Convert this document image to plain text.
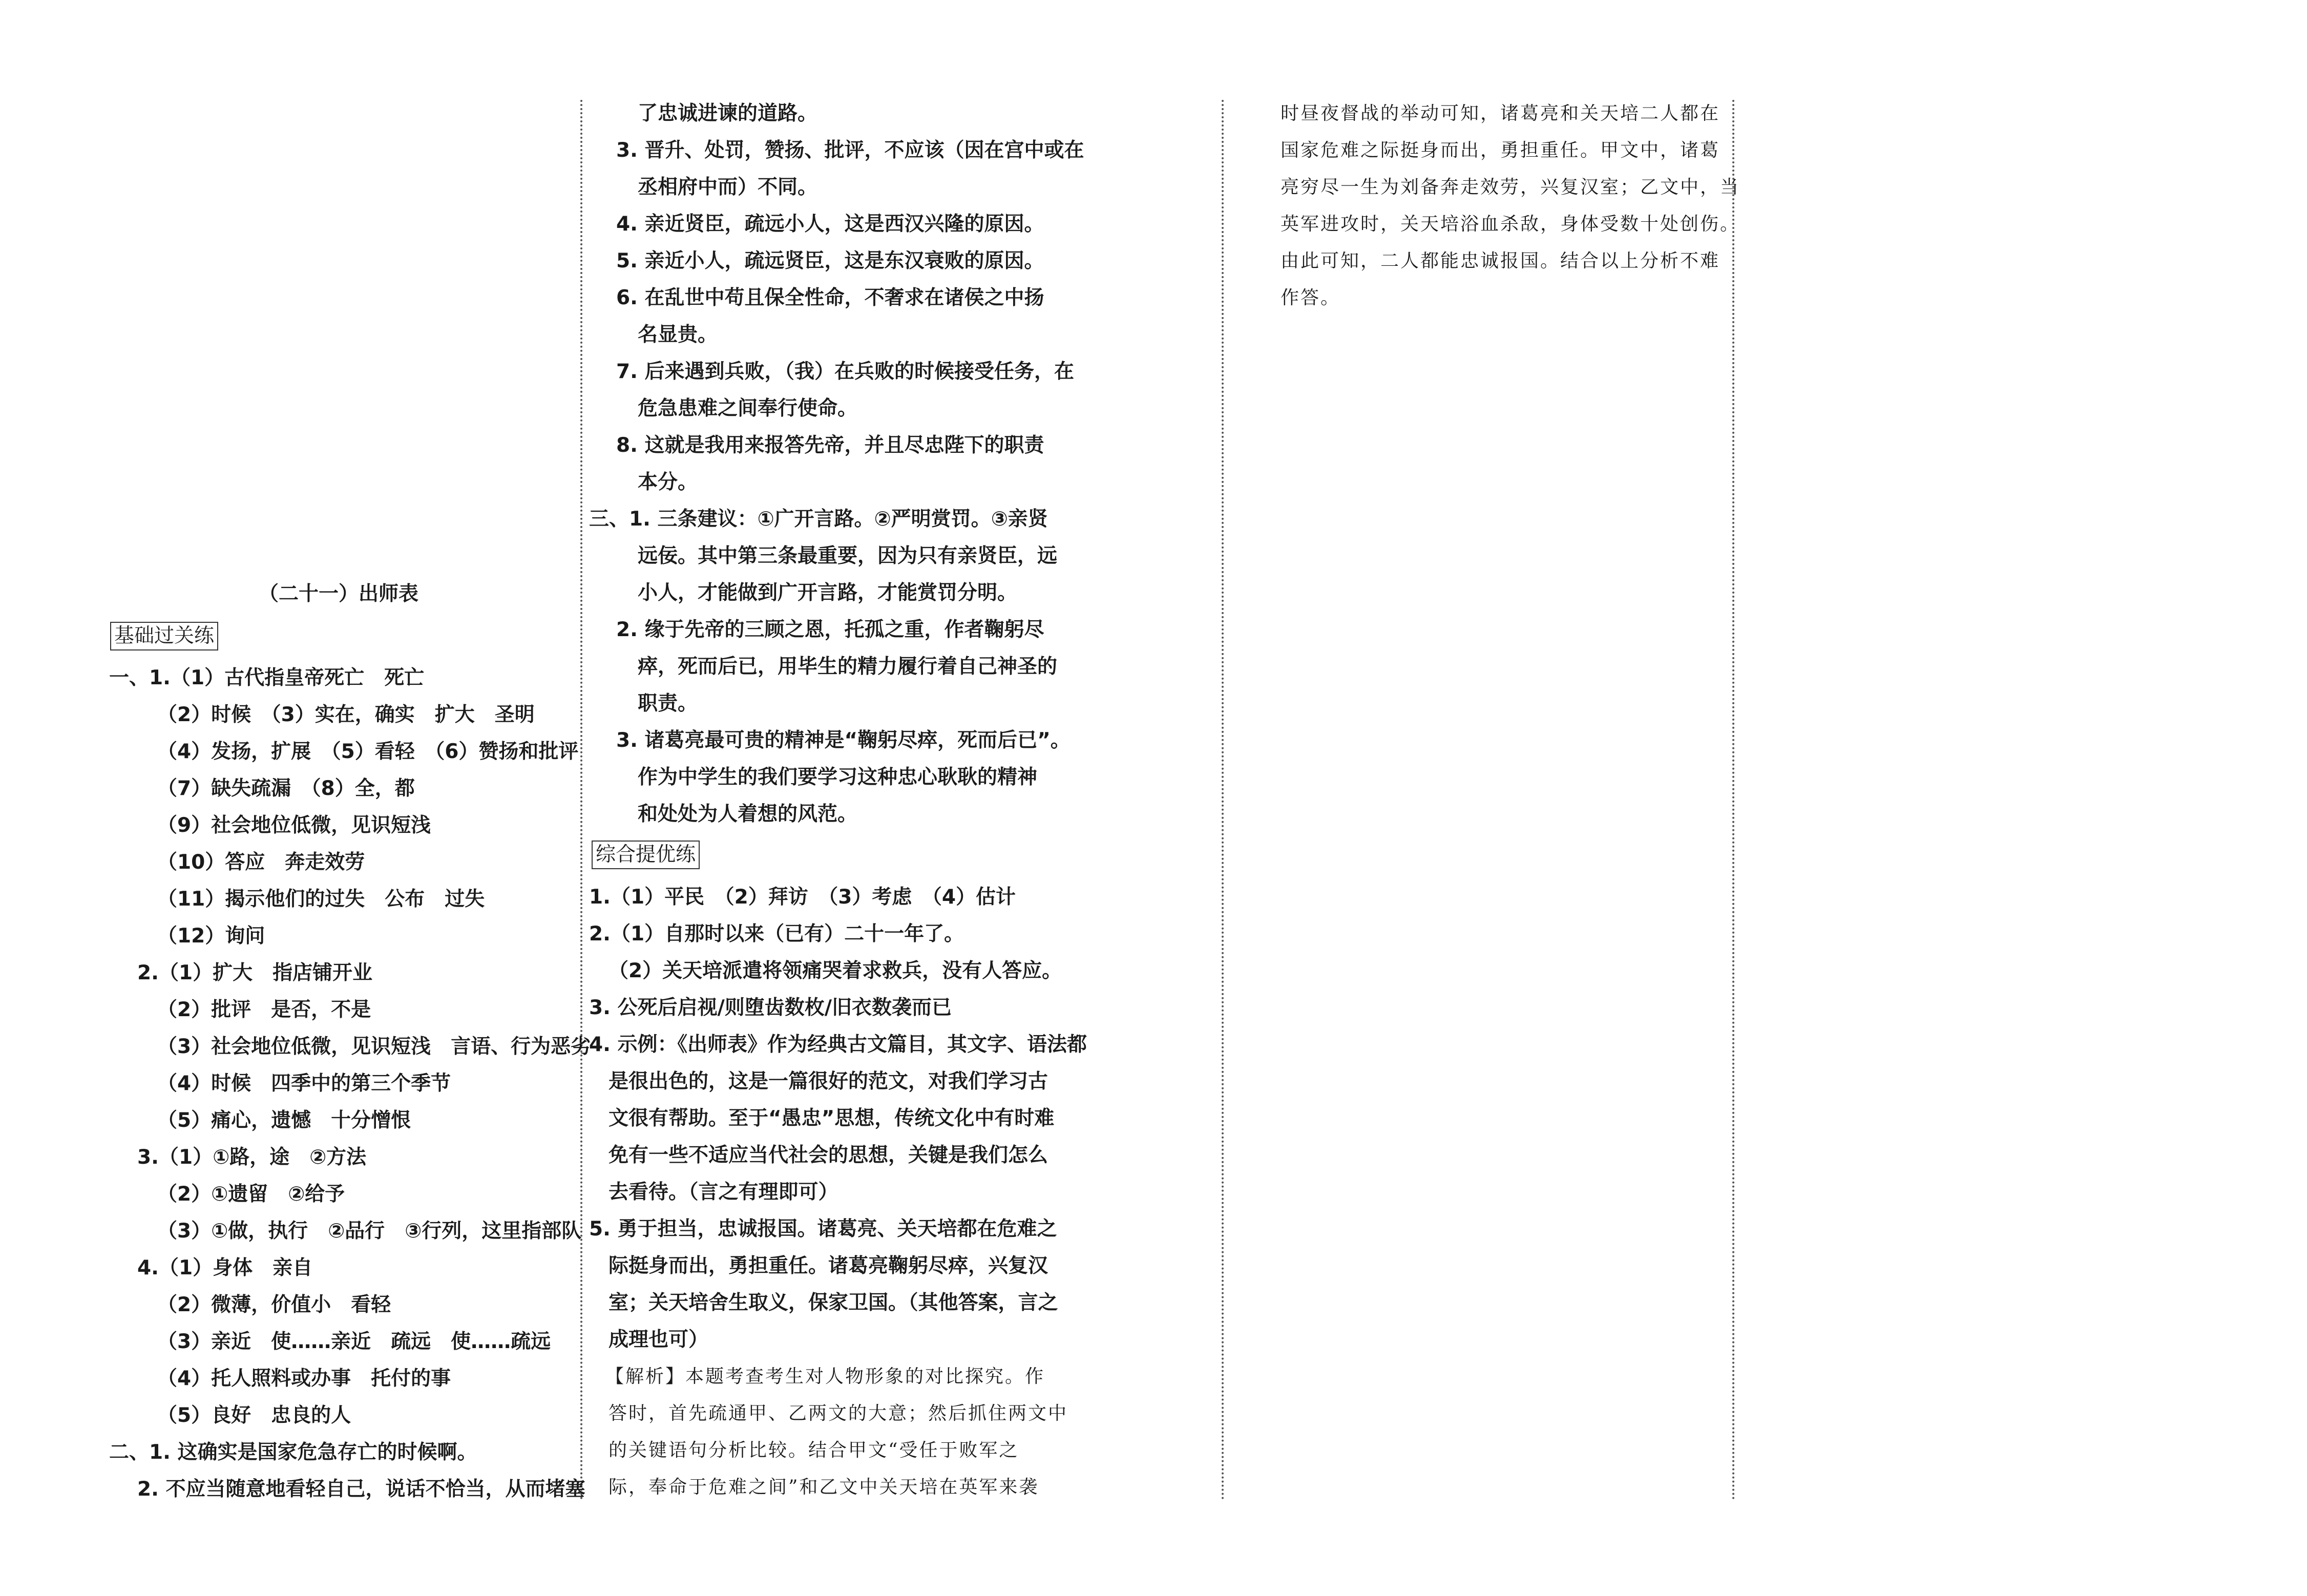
（二十一）出师表
基础过关练
一、1.（1）古代指皇帝死亡　死亡
（2）时候　（3）实在，确实　扩大　圣明
（4）发扬，扩展　（5）看轻　（6）赞扬和批评
（7）缺失疏漏　（8）全，都
（9）社会地位低微，见识短浅
（10）答应　奔走效劳
（11）揭示他们的过失　公布　过失
（12）询问
2.（1）扩大　指店铺开业
（2）批评　是否，不是
（3）社会地位低微，见识短浅　言语、行为恶劣
（4）时候　四季中的第三个季节
（5）痛心，遗憾　十分憎恨
3.（1）①路，途　②方法
（2）①遗留　②给予
（3）①做，执行　②品行　③行列，这里指部队
4.（1）身体　亲自
（2）微薄，价值小　看轻
（3）亲近　使……亲近　疏远　使……疏远
（4）托人照料或办事　托付的事
（5）良好　忠良的人
二、1. 这确实是国家危急存亡的时候啊。
2. 不应当随意地看轻自己，说话不恰当，从而堵塞
了忠诚进谏的道路。
3. 晋升、处罚，赞扬、批评，不应该（因在宫中或在
丞相府中而）不同。
4. 亲近贤臣，疏远小人，这是西汉兴隆的原因。
5. 亲近小人，疏远贤臣，这是东汉衰败的原因。
6. 在乱世中苟且保全性命，不奢求在诸侯之中扬
名显贵。
7. 后来遇到兵败，（我）在兵败的时候接受任务，在
危急患难之间奉行使命。
8. 这就是我用来报答先帝，并且尽忠陛下的职责
本分。
三、1. 三条建议：①广开言路。②严明赏罚。③亲贤
远佞。其中第三条最重要，因为只有亲贤臣，远
小人，才能做到广开言路，才能赏罚分明。
2. 缘于先帝的三顾之恩，托孤之重，作者鞠躬尽
瘁，死而后已，用毕生的精力履行着自己神圣的
职责。
3. 诸葛亮最可贵的精神是“鞠躬尽瘁，死而后已”。
作为中学生的我们要学习这种忠心耿耿的精神
和处处为人着想的风范。
综合提优练
1.（1）平民　（2）拜访　（3）考虑　（4）估计
2.（1）自那时以来（已有）二十一年了。
（2）关天培派遣将领痛哭着求救兵，没有人答应。
3. 公死后启视/则堕齿数枚/旧衣数袭而已
4. 示例：《出师表》作为经典古文篇目，其文字、语法都
是很出色的，这是一篇很好的范文，对我们学习古
文很有帮助。至于“愚忠”思想，传统文化中有时难
免有一些不适应当代社会的思想，关键是我们怎么
去看待。（言之有理即可）
5. 勇于担当，忠诚报国。诸葛亮、关天培都在危难之
际挺身而出，勇担重任。诸葛亮鞠躬尽瘁，兴复汉
室；关天培舍生取义，保家卫国。（其他答案，言之
成理也可）
【解析】本题考查考生对人物形象的对比探究。作
答时，首先疏通甲、乙两文的大意；然后抓住两文中
的关键语句分析比较。结合甲文“受任于败军之
际，奉命于危难之间”和乙文中关天培在英军来袭
时昼夜督战的举动可知，诸葛亮和关天培二人都在
国家危难之际挺身而出，勇担重任。甲文中，诸葛
亮穷尽一生为刘备奔走效劳，兴复汉室；乙文中，当
英军进攻时，关天培浴血杀敌，身体受数十处创伤。
由此可知，二人都能忠诚报国。结合以上分析不难
作答。
